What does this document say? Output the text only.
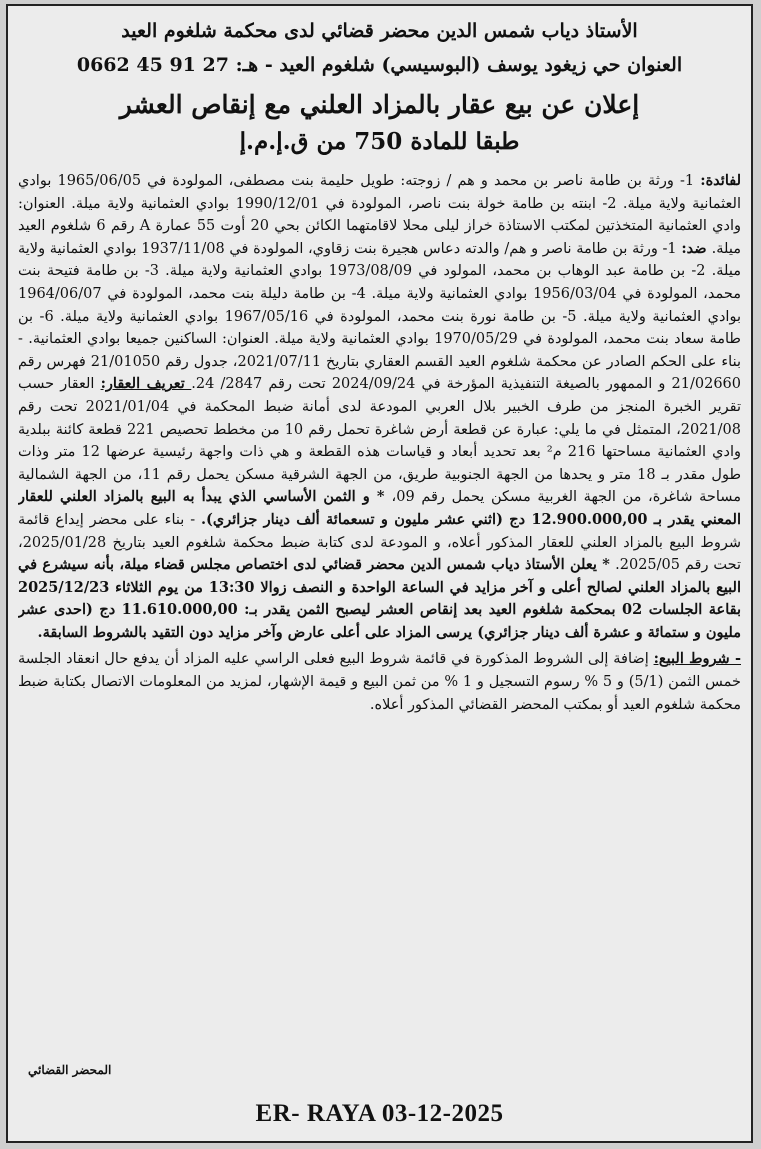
الأستاذ دياب شمس الدين محضر قضائي لدى محكمة شلغوم العيد
العنوان حي زيغود يوسف (البوسيسي) شلغوم العيد - هـ: 27 91 45 0662
إعلان عن بيع عقار بالمزاد العلني مع إنقاص العشر
طبقا للمادة 750 من ق.إ.م.إ
لفائدة: 1- ورثة بن طامة ناصر بن محمد و هم / زوجته: طويل حليمة بنت مصطفى، المولودة في 1965/06/05 بوادي العثمانية ولاية ميلة. 2- ابنته بن طامة خولة بنت ناصر، المولودة في 1990/12/01 بوادي العثمانية ولاية ميلة. العنوان: وادي العثمانية المتخذتين لمكتب الاستاذة خراز ليلى محلا لاقامتهما الكائن بحي 20 أوت 55 عمارة A رقم 6 شلغوم العيد ميلة. ضد: 1- ورثة بن طامة ناصر و هم/ والدته دعاس هجيرة بنت زقاوي، المولودة في 1937/11/08 بوادي العثمانية ولاية ميلة. 2- بن طامة عبد الوهاب بن محمد، المولود في 1973/08/09 بوادي العثمانية ولاية ميلة. 3- بن طامة فتيحة بنت محمد، المولودة في 1956/03/04 بوادي العثمانية ولاية ميلة. 4- بن طامة دليلة بنت محمد، المولودة في 1964/06/07 بوادي العثمانية ولاية ميلة. 5- بن طامة نورة بنت محمد، المولودة في 1967/05/16 بوادي العثمانية ولاية ميلة. 6- بن طامة سعاد بنت محمد، المولودة في 1970/05/29 بوادي العثمانية ولاية ميلة. العنوان: الساكنين جميعا بوادي العثمانية. - بناء على الحكم الصادر عن محكمة شلغوم العيد القسم العقاري بتاريخ 2021/07/11، جدول رقم 21/01050 فهرس رقم 21/02660 و الممهور بالصيغة التنفيذية المؤرخة في 2024/09/24 تحت رقم 2847/ 24. تعريف العقار: العقار حسب تقرير الخبرة المنجز من طرف الخبير بلال العربي المودعة لدى أمانة ضبط المحكمة في 2021/01/04 تحت رقم 2021/08، المتمثل في ما يلي: عبارة عن قطعة أرض شاغرة تحمل رقم 10 من مخطط تحصيص 221 قطعة كائنة ببلدية وادي العثمانية مساحتها 216 م² بعد تحديد أبعاد و قياسات هذه القطعة و هي ذات واجهة رئيسية عرضها 12 متر وذات طول مقدر بـ 18 متر و يحدها من الجهة الجنوبية طريق، من الجهة الشرقية مسكن يحمل رقم 11، من الجهة الشمالية مساحة شاغرة، من الجهة الغربية مسكن يحمل رقم 09، * و الثمن الأساسي الذي يبدأ به البيع بالمزاد العلني للعقار المعني يقدر بـ 12.900.000,00 دج (اثني عشر مليون و تسعمائة ألف دينار جزائري). - بناء على محضر إيداع قائمة شروط البيع بالمزاد العلني للعقار المذكور أعلاه، و المودعة لدى كتابة ضبط محكمة شلغوم العيد بتاريخ 2025/01/28، تحت رقم 2025/05. * يعلن الأستاذ دياب شمس الدين محضر قضائي لدى اختصاص مجلس قضاء ميلة، بأنه سيشرع في البيع بالمزاد العلني لصالح أعلى و آخر مزايد في الساعة الواحدة و النصف زوالا 13:30 من يوم الثلاثاء 2025/12/23 بقاعة الجلسات 02 بمحكمة شلغوم العيد بعد إنقاص العشر ليصبح الثمن يقدر بـ: 11.610.000,00 دج (احدى عشر مليون و ستمائة و عشرة ألف دينار جزائري) يرسى المزاد على أعلى عارض وآخر مزايد دون التقيد بالشروط السابقة.
- شروط البيع: إضافة إلى الشروط المذكورة في قائمة شروط البيع فعلى الراسي عليه المزاد أن يدفع حال انعقاد الجلسة خمس الثمن (5/1) و 5 % رسوم التسجيل و 1 % من ثمن البيع و قيمة الإشهار، لمزيد من المعلومات الاتصال بكتابة ضبط محكمة شلغوم العيد أو بمكتب المحضر القضائي المذكور أعلاه.
المحضر القضائي
ER- RAYA 03-12-2025
